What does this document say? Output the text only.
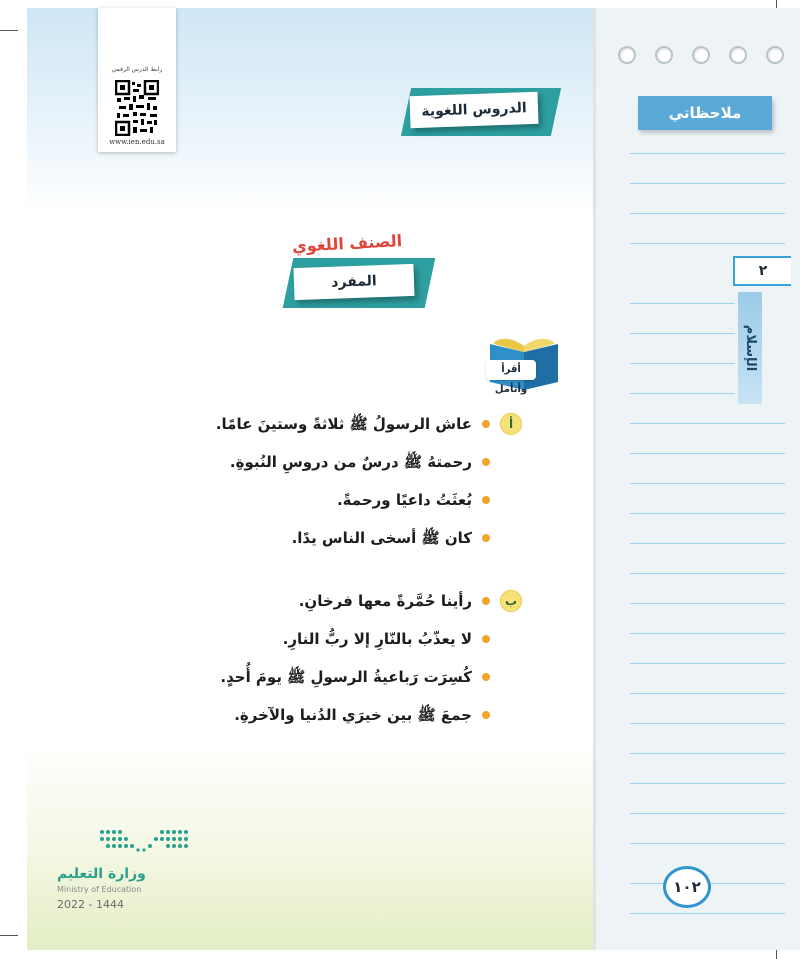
رابط الدرس الرقمي
www.ien.edu.sa
الدروس اللغوية
الصنف اللغوي
المفرد
أقرأ وأتأمل
أ
عاش الرسولُ ﷺ ثلاثةً وستينَ عامًا.
رحمتهُ ﷺ درسٌ من دروسِ النُبوةِ.
بُعثَتُ داعيًا ورحمةً.
كان ﷺ أسخى الناس يدًا.
ب
رأينا حُمَّرةً معها فرخانِ.
لا يعذّبُ بالنّارِ إلا ربُّ النارِ.
كُسِرَت رَباعيةُ الرسولِ ﷺ يومَ أُحدٍ.
جمعَ ﷺ بين خيرَي الدُنيا والآخرةِ.
وزارة التعليم
Ministry of Education
2022 - 1444
ملاحظاتي
٢
الإسلام
١٠٢
